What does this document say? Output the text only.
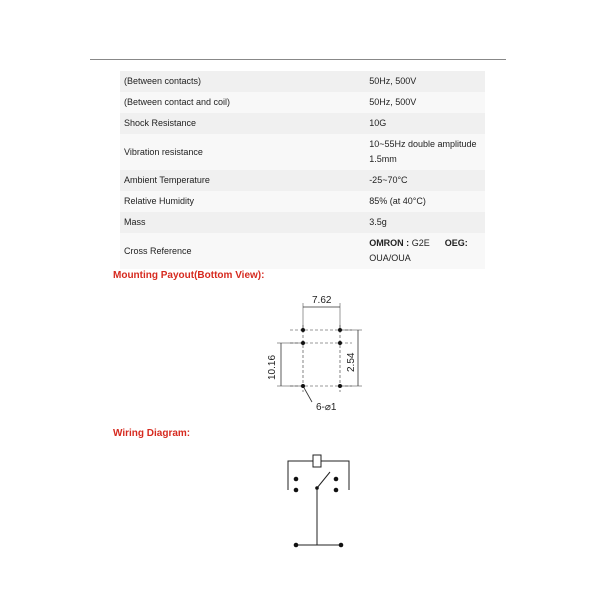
(Between contacts)	50Hz, 500V
(Between contact and coil)	50Hz, 500V
Shock Resistance	10G
Vibration resistance	10~55Hz double amplitude 1.5mm
Ambient Temperature	-25~70°C
Relative Humidity	85% (at 40°C)
Mass	3.5g
Cross Reference	OMRON : G2E OEG:
OUA/OUA
Mounting Payout(Bottom View):
7.62
10.16	2.54
6-⌀1
Wiring Diagram:
